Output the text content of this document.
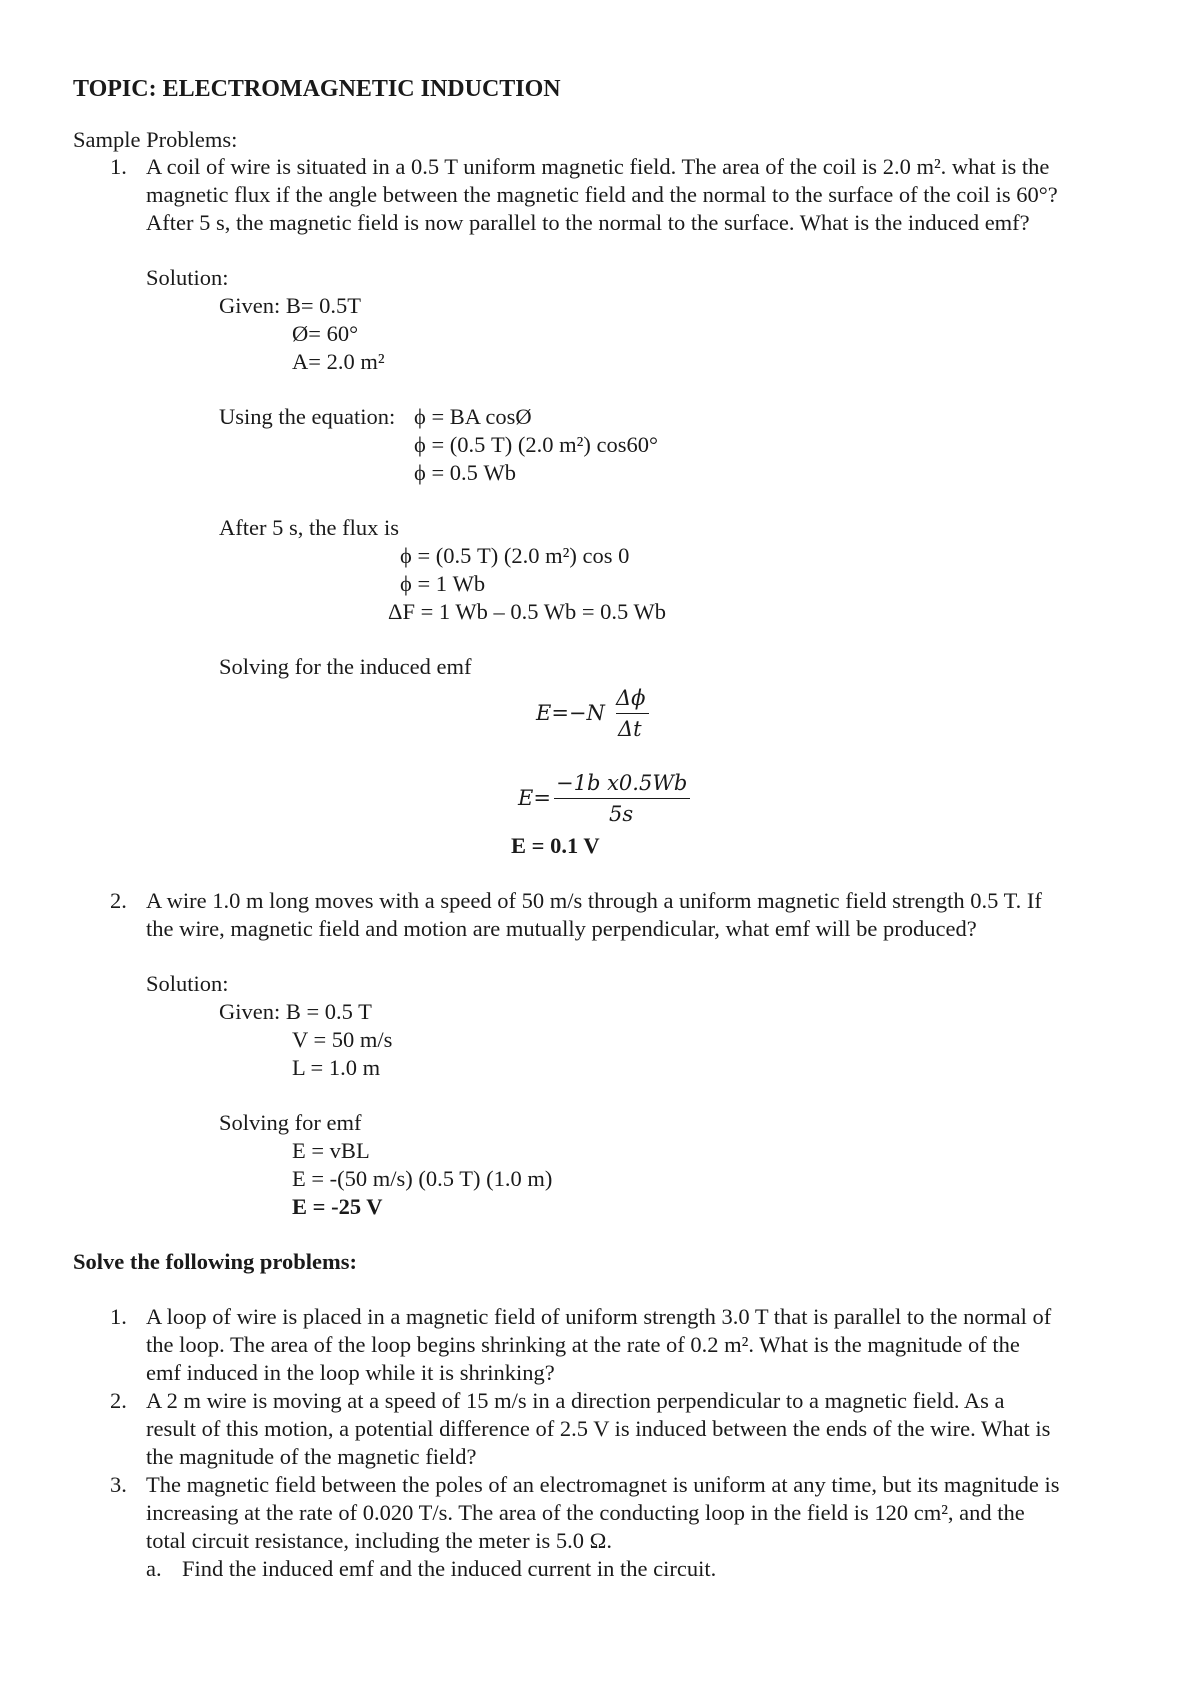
TOPIC: ELECTROMAGNETIC INDUCTION
Sample Problems:
1. A coil of wire is situated in a 0.5 T uniform magnetic field. The area of the coil is 2.0 m². what is the
magnetic flux if the angle between the magnetic field and the normal to the surface of the coil is 60°?
After 5 s, the magnetic field is now parallel to the normal to the surface. What is the induced emf?
Solution:
Given: B= 0.5T
Ø= 60°
A= 2.0 m²
Using the equation: ϕ = BA cosØ
ϕ = (0.5 T) (2.0 m²) cos60°
ϕ = 0.5 Wb
After 5 s, the flux is
ϕ = (0.5 T) (2.0 m²) cos 0
ϕ = 1 Wb
ΔF = 1 Wb – 0.5 Wb = 0.5 Wb
Solving for the induced emf
E=−N
Δϕ
Δt
E=
−1b x0.5Wb
5s
E = 0.1 V
2. A wire 1.0 m long moves with a speed of 50 m/s through a uniform magnetic field strength 0.5 T. If
the wire, magnetic field and motion are mutually perpendicular, what emf will be produced?
Solution:
Given: B = 0.5 T
V = 50 m/s
L = 1.0 m
Solving for emf
E = vBL
E = -(50 m/s) (0.5 T) (1.0 m)
E = -25 V
Solve the following problems:
1. A loop of wire is placed in a magnetic field of uniform strength 3.0 T that is parallel to the normal of
the loop. The area of the loop begins shrinking at the rate of 0.2 m². What is the magnitude of the
emf induced in the loop while it is shrinking?
2. A 2 m wire is moving at a speed of 15 m/s in a direction perpendicular to a magnetic field. As a
result of this motion, a potential difference of 2.5 V is induced between the ends of the wire. What is
the magnitude of the magnetic field?
3. The magnetic field between the poles of an electromagnet is uniform at any time, but its magnitude is
increasing at the rate of 0.020 T/s. The area of the conducting loop in the field is 120 cm², and the
total circuit resistance, including the meter is 5.0 Ω.
a. Find the induced emf and the induced current in the circuit.
